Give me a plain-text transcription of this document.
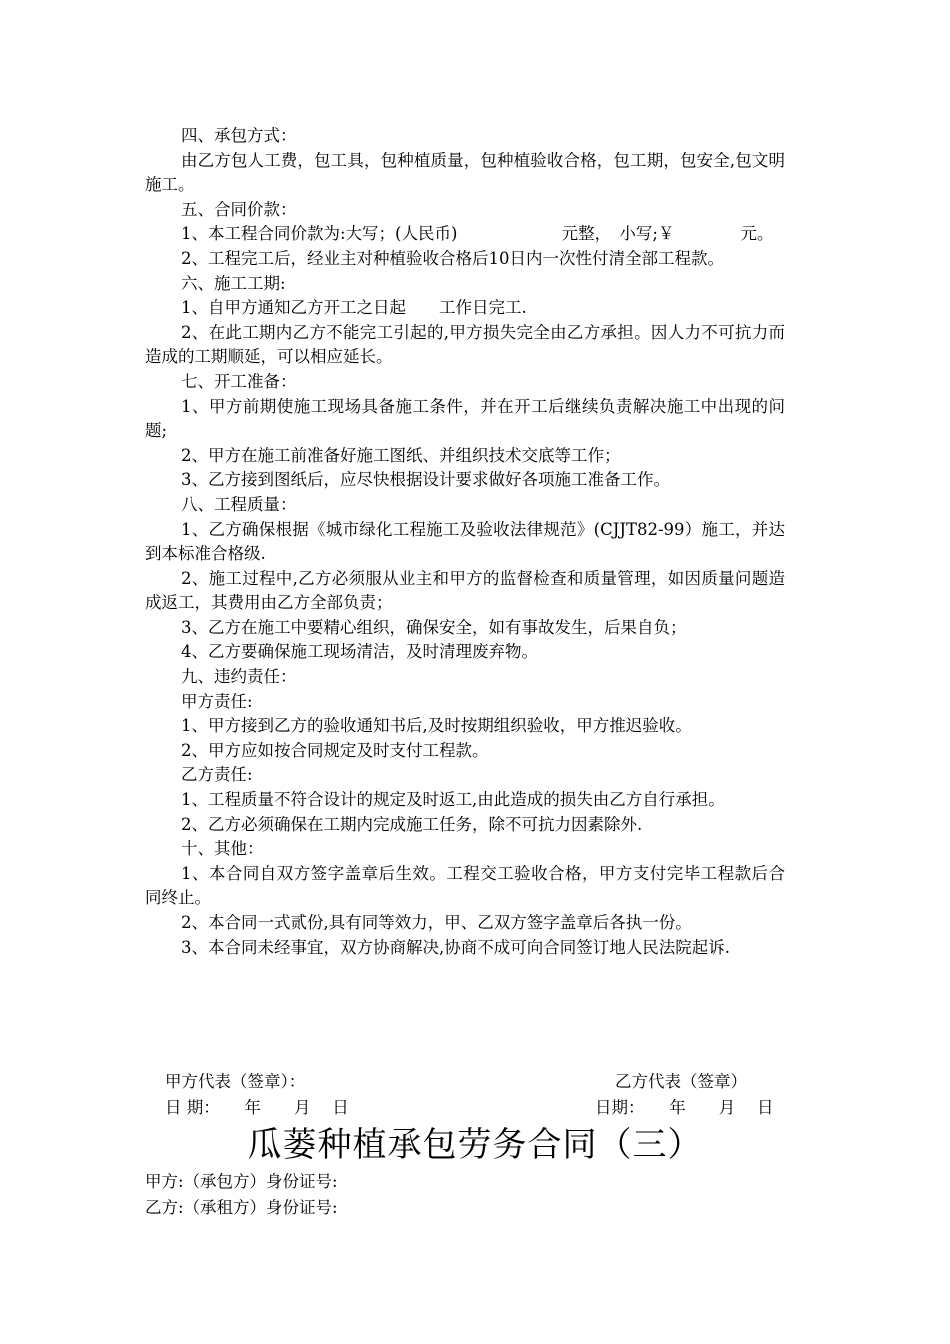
四、承包方式：

由乙方包人工费，包工具，包种植质量，包种植验收合格，包工期，包安全,包文明施工。

五、合同价款：

1、本工程合同价款为:大写；(人民币)　　　　　　 元整，　小写;￥　　　　元。

2、工程完工后，经业主对种植验收合格后10日内一次性付清全部工程款。

六、施工工期:

1、自甲方通知乙方开工之日起　　工作日完工.

2、在此工期内乙方不能完工引起的,甲方损失完全由乙方承担。因人力不可抗力而造成的工期顺延，可以相应延长。

七、开工准备：

1、甲方前期使施工现场具备施工条件，并在开工后继续负责解决施工中出现的问题;

2、甲方在施工前准备好施工图纸、并组织技术交底等工作；

3、乙方接到图纸后，应尽快根据设计要求做好各项施工准备工作。

八、工程质量：

1、乙方确保根据《城市绿化工程施工及验收法律规范》(CJJT82-99）施工，并达到本标准合格级.

2、施工过程中,乙方必须服从业主和甲方的监督检查和质量管理，如因质量问题造成返工，其费用由乙方全部负责；

3、乙方在施工中要精心组织，确保安全，如有事故发生，后果自负；

4、乙方要确保施工现场清洁，及时清理废弃物。

九、违约责任：

甲方责任:

1、甲方接到乙方的验收通知书后,及时按期组织验收，甲方推迟验收。

2、甲方应如按合同规定及时支付工程款。

乙方责任:

1、工程质量不符合设计的规定及时返工,由此造成的损失由乙方自行承担。

2、乙方必须确保在工期内完成施工任务，除不可抗力因素除外.

十、其他：

1、本合同自双方签字盖章后生效。工程交工验收合格，甲方支付完毕工程款后合同终止。

2、本合同一式贰份,具有同等效力，甲、乙双方签字盖章后各执一份。

3、本合同未经事宜，双方协商解决,协商不成可向合同签订地人民法院起诉.

甲方代表（签章）：	乙方代表（签章）
日 期：　　年　　月　 日	日期：　　年　　月　 日
瓜蒌种植承包劳务合同（三）
甲方:（承包方）身份证号:
乙方:（承租方）身份证号:
